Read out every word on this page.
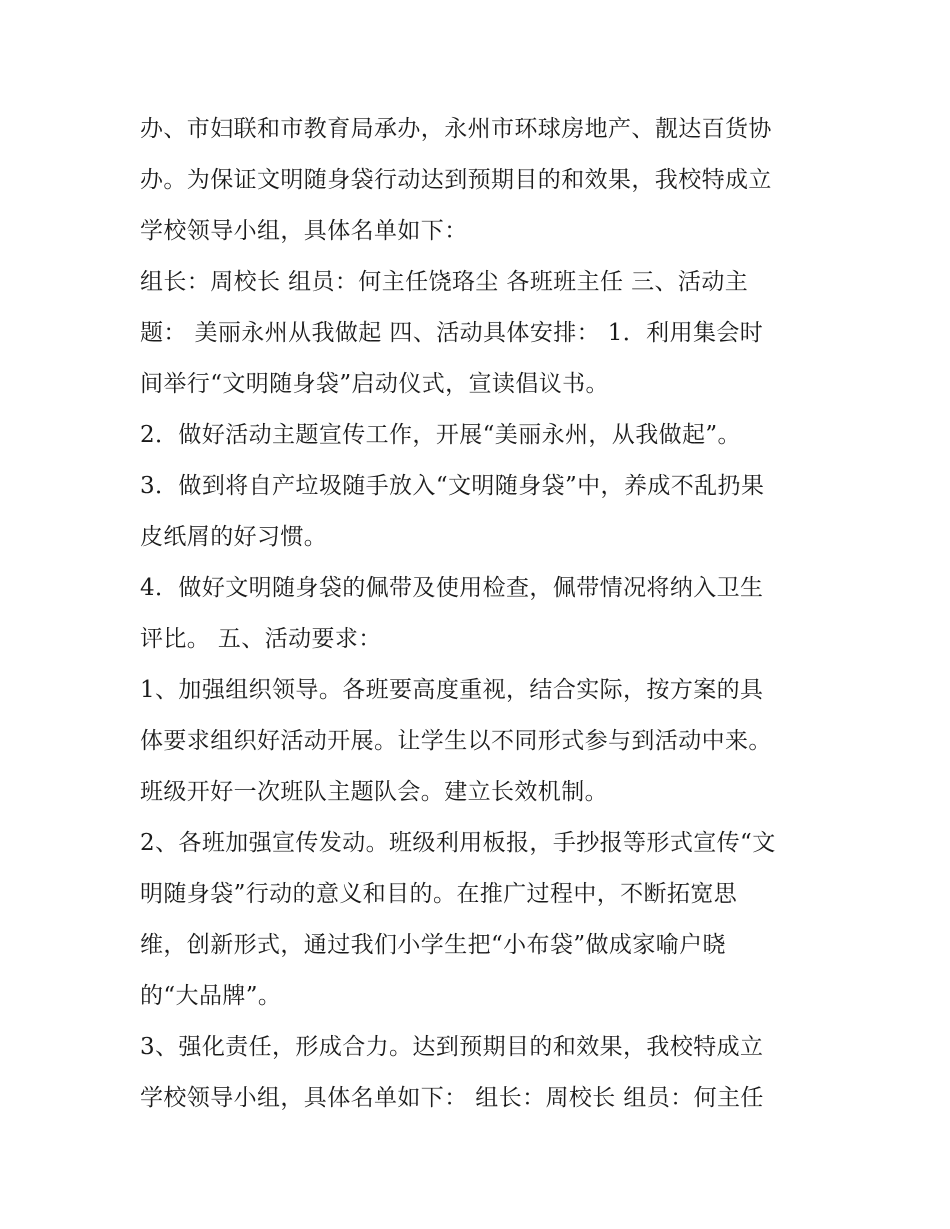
办、市妇联和市教育局承办，永州市环球房地产、靓达百货协
办。为保证文明随身袋行动达到预期目的和效果，我校特成立
学校领导小组，具体名单如下：
组长：周校长 组员：何主任饶珞尘 各班班主任 三、活动主
题： 美丽永州从我做起 四、活动具体安排： 1．利用集会时
间举行“文明随身袋”启动仪式，宣读倡议书。
2．做好活动主题宣传工作，开展“美丽永州，从我做起”。
3．做到将自产垃圾随手放入“文明随身袋”中，养成不乱扔果
皮纸屑的好习惯。
4．做好文明随身袋的佩带及使用检查，佩带情况将纳入卫生
评比。 五、活动要求：
1、加强组织领导。各班要高度重视，结合实际，按方案的具
体要求组织好活动开展。让学生以不同形式参与到活动中来。
班级开好一次班队主题队会。建立长效机制。
2、各班加强宣传发动。班级利用板报，手抄报等形式宣传“文
明随身袋”行动的意义和目的。在推广过程中，不断拓宽思
维，创新形式，通过我们小学生把“小布袋”做成家喻户晓
的“大品牌”。
3、强化责任，形成合力。达到预期目的和效果，我校特成立
学校领导小组，具体名单如下： 组长：周校长 组员：何主任
